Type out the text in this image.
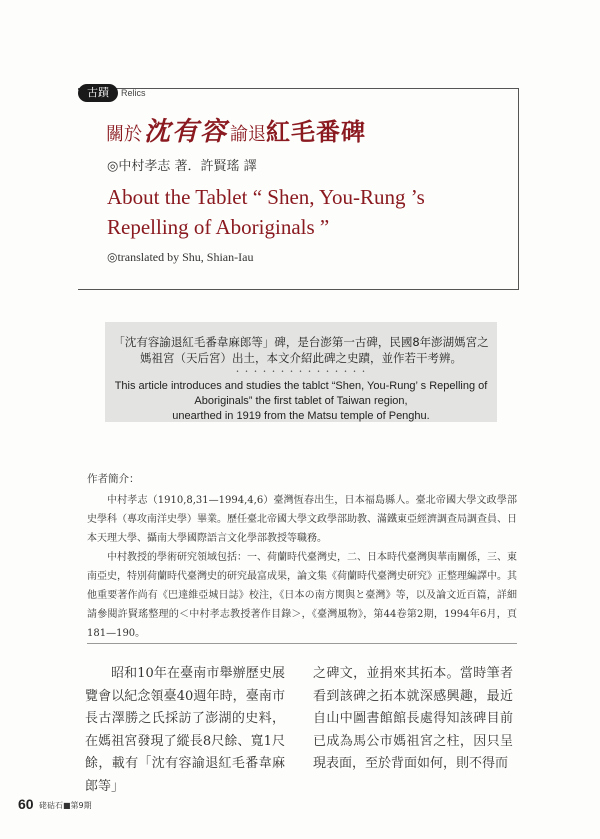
古蹟	Relics
關於 沈有容 諭退 紅毛番碑
◎中村孝志 著．許賢瑤 譯
About the Tablet “ Shen, You-Rung ’s
Repelling of Aboriginals ”
◎translated by Shu, Shian-Iau
「沈有容諭退紅毛番韋麻郎等」碑，是台澎第一古碑，民國8年澎湖媽宮之
媽祖宮（天后宮）出土，本文介紹此碑之史蹟，並作若干考辨。
・・・・・・・・・・・・・・・
This article introduces and studies the tablct “Shen, You-Rung’ s Repelling of
Aboriginals” the first tablet of Taiwan region,
unearthed in 1919 from the Matsu temple of Penghu.
作者簡介：

中村孝志（1910,8,31—1994,4,6）臺灣恆春出生，日本福島縣人。臺北帝國大學文政學部史學科（專攻南洋史學）畢業。歷任臺北帝國大學文政學部助教、滿鐵東亞經濟調查局調查員、日本天理大學、攝南大學國際語言文化學部教授等職務。

中村教授的學術研究領域包括：一、荷蘭時代臺灣史，二、日本時代臺灣與華南關係，三、東南亞史，特別荷蘭時代臺灣史的研究最富成果，論文集《荷蘭時代臺灣史研究》正整理編譯中。其他重要著作尚有《巴達維亞城日誌》校注，《日本の南方関與と臺灣》等，以及論文近百篇，詳細請參閱許賢瑤整理的＜中村孝志教授著作目錄＞，《臺灣風物》，第44卷第2期，1994年6月，頁181—190。

昭和10年在臺南市舉辦歷史展覽會以紀念領臺40週年時，臺南市長古澤勝之氏採訪了澎湖的史料，在媽祖宮發現了縱長8尺餘、寬1尺餘，載有「沈有容諭退紅毛番韋麻郎等」

之碑文，並捐來其拓本。當時筆者看到該碑之拓本就深感興趣，最近自山中圖書館館長處得知該碑目前已成為馬公市媽祖宮之柱，因只呈現表面，至於背面如何，則不得而

60 硓𥑮石■第9期
